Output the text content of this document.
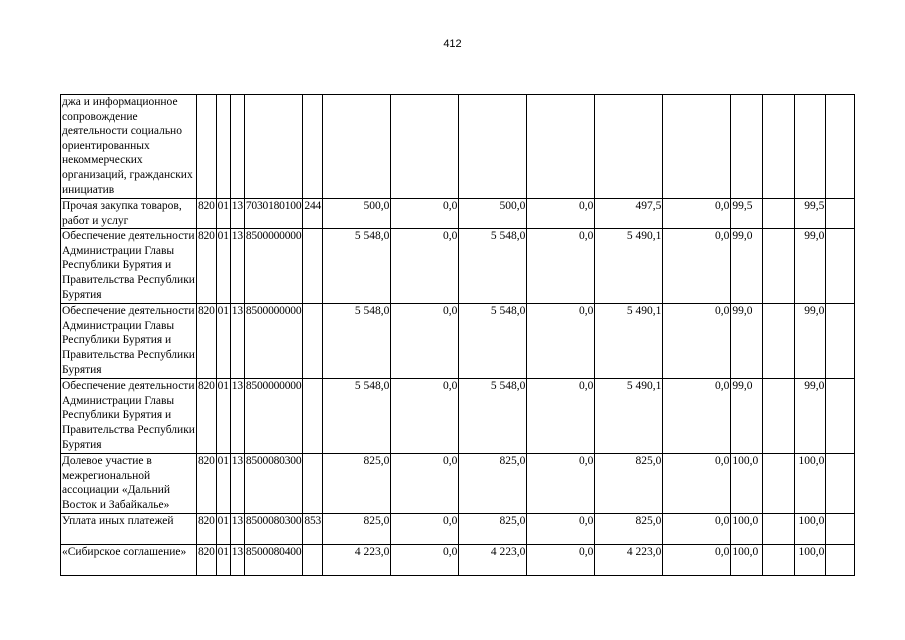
412
джа и информационное сопровождение деятельности социально ориентированных некоммерческих организаций, гражданских инициатив															
Прочая закупка товаров, работ и услуг	820	01	13	7030180100	244	500,0	0,0	500,0	0,0	497,5	0,0	99,5		99,5	
Обеспечение деятельности Администрации Главы Республики Бурятия и Правительства Республики Бурятия	820	01	13	8500000000		5 548,0	0,0	5 548,0	0,0	5 490,1	0,0	99,0		99,0	
Обеспечение деятельности Администрации Главы Республики Бурятия и Правительства Республики Бурятия	820	01	13	8500000000		5 548,0	0,0	5 548,0	0,0	5 490,1	0,0	99,0		99,0	
Обеспечение деятельности Администрации Главы Республики Бурятия и Правительства Республики Бурятия	820	01	13	8500000000		5 548,0	0,0	5 548,0	0,0	5 490,1	0,0	99,0		99,0	
Долевое участие в межрегиональной ассоциации «Дальний Восток и Забайкалье»	820	01	13	8500080300		825,0	0,0	825,0	0,0	825,0	0,0	100,0		100,0	
Уплата иных платежей	820	01	13	8500080300	853	825,0	0,0	825,0	0,0	825,0	0,0	100,0		100,0	
«Сибирское соглашение»	820	01	13	8500080400		4 223,0	0,0	4 223,0	0,0	4 223,0	0,0	100,0		100,0	
